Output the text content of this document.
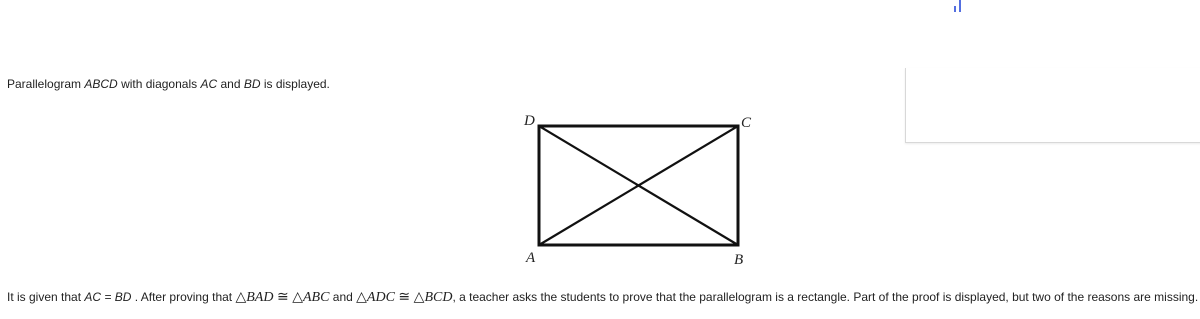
Parallelogram ABCD with diagonals AC and BD is displayed.
D	C
A	B
It is given that AC = BD . After proving that △BAD ≅ △ABC and △ADC ≅ △BCD, a teacher asks the students to prove that the parallelogram is a rectangle. Part of the proof is displayed, but two of the reasons are missing.
